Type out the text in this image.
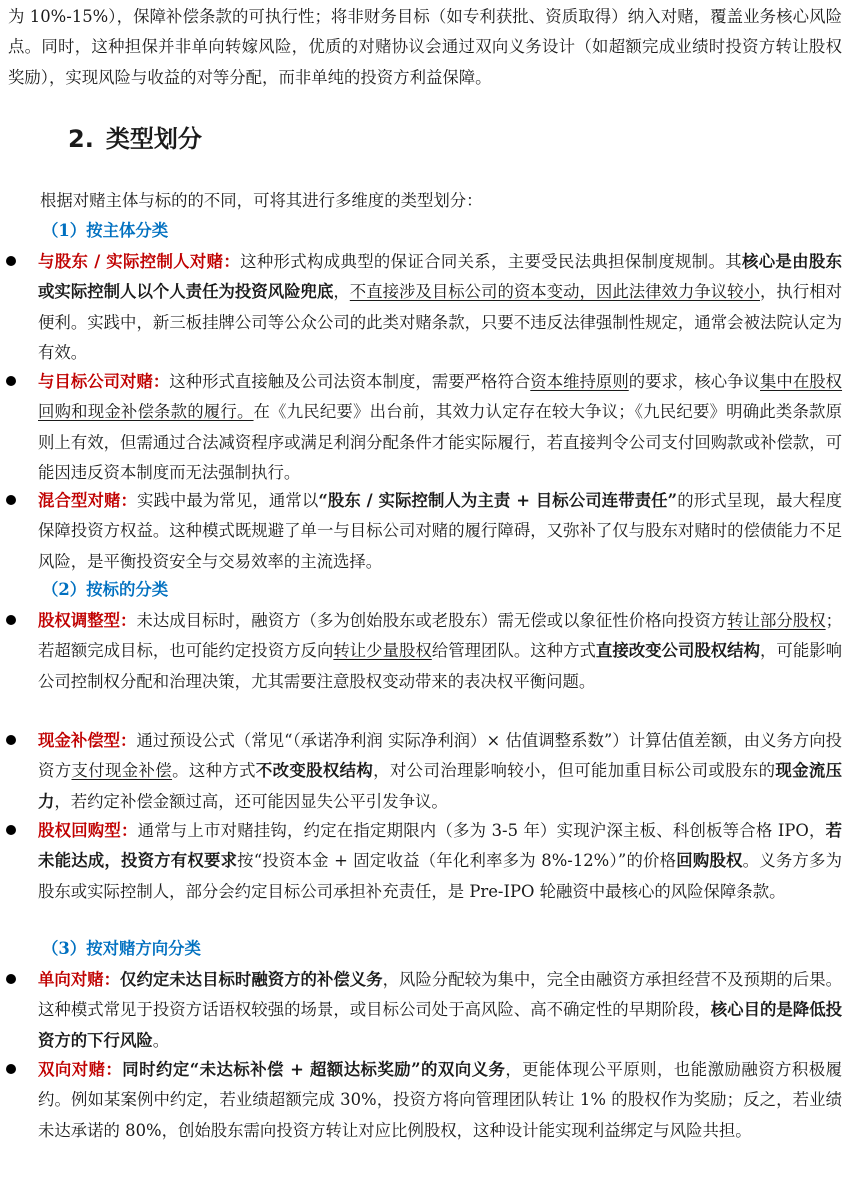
为 10%-15%），保障补偿条款的可执行性；将非财务目标（如专利获批、资质取得）纳入对赌，覆盖业务核心风险点。同时，这种担保并非单向转嫁风险，优质的对赌协议会通过双向义务设计（如超额完成业绩时投资方转让股权奖励），实现风险与收益的对等分配，而非单纯的投资方利益保障。

2. 类型划分

根据对赌主体与标的的不同，可将其进行多维度的类型划分：

（1）按主体分类

与股东 / 实际控制人对赌：这种形式构成典型的保证合同关系，主要受民法典担保制度规制。其核心是由股东或实际控制人以个人责任为投资风险兜底，不直接涉及目标公司的资本变动，因此法律效力争议较小，执行相对便利。实践中，新三板挂牌公司等公众公司的此类对赌条款，只要不违反法律强制性规定，通常会被法院认定为有效。

与目标公司对赌：这种形式直接触及公司法资本制度，需要严格符合资本维持原则的要求，核心争议集中在股权回购和现金补偿条款的履行。在《九民纪要》出台前，其效力认定存在较大争议；《九民纪要》明确此类条款原则上有效，但需通过合法减资程序或满足利润分配条件才能实际履行，若直接判令公司支付回购款或补偿款，可能因违反资本制度而无法强制执行。

混合型对赌：实践中最为常见，通常以“股东 / 实际控制人为主责 + 目标公司连带责任”的形式呈现，最大程度保障投资方权益。这种模式既规避了单一与目标公司对赌的履行障碍，又弥补了仅与股东对赌时的偿债能力不足风险，是平衡投资安全与交易效率的主流选择。

（2）按标的分类

股权调整型：未达成目标时，融资方（多为创始股东或老股东）需无偿或以象征性价格向投资方转让部分股权；若超额完成目标，也可能约定投资方反向转让少量股权给管理团队。这种方式直接改变公司股权结构，可能影响公司控制权分配和治理决策，尤其需要注意股权变动带来的表决权平衡问题。

现金补偿型：通过预设公式（常见“（承诺净利润 实际净利润）× 估值调整系数”）计算估值差额，由义务方向投资方支付现金补偿。这种方式不改变股权结构，对公司治理影响较小，但可能加重目标公司或股东的现金流压力，若约定补偿金额过高，还可能因显失公平引发争议。

股权回购型：通常与上市对赌挂钩，约定在指定期限内（多为 3-5 年）实现沪深主板、科创板等合格 IPO，若未能达成，投资方有权要求按“投资本金 + 固定收益（年化利率多为 8%-12%）”的价格回购股权。义务方多为股东或实际控制人，部分会约定目标公司承担补充责任，是 Pre-IPO 轮融资中最核心的风险保障条款。

（3）按对赌方向分类

单向对赌：仅约定未达目标时融资方的补偿义务，风险分配较为集中，完全由融资方承担经营不及预期的后果。这种模式常见于投资方话语权较强的场景，或目标公司处于高风险、高不确定性的早期阶段，核心目的是降低投资方的下行风险。

双向对赌：同时约定“未达标补偿 + 超额达标奖励”的双向义务，更能体现公平原则，也能激励融资方积极履约。例如某案例中约定，若业绩超额完成 30%，投资方将向管理团队转让 1% 的股权作为奖励；反之，若业绩未达承诺的 80%，创始股东需向投资方转让对应比例股权，这种设计能实现利益绑定与风险共担。
